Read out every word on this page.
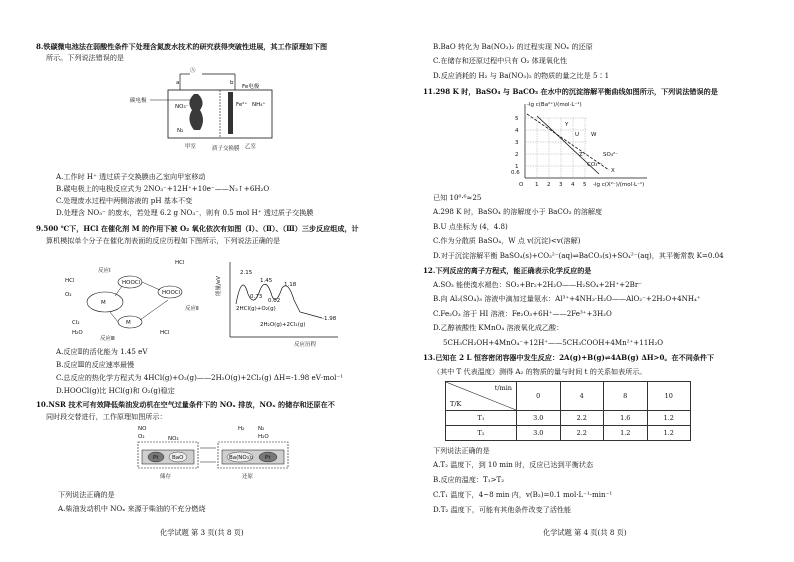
8.铁碳微电池法在弱酸性条件下处理含氮废水技术的研究获得突破性进展，其工作原理如下图
所示。下列说法错误的是
Ⓐ
a	b
碳电极
Fe电极
NO₃⁻
N₂
Fe²⁺ NH₄⁺
甲室	乙室
质子交换膜
A.工作时 H⁺ 透过质子交换膜由乙室向甲室移动
B.碳电极上的电极反应式为 2NO₃⁻+12H⁺+10e⁻——N₂↑+6H₂O
C.处理废水过程中两侧溶液的 pH 基本不变
D.处理含 NO₃⁻ 的废水，若处理 6.2 g NO₃⁻，则有 0.5 mol H⁺ 透过质子交换膜
9.500 ℃下，HCl 在催化剂 M 的作用下被 O₂ 氧化依次有如图（Ⅰ）、（Ⅱ）、（Ⅲ）三步反应组成，计
算机模拟单个分子在催化剂表面的反应历程如下图所示，下列说法正确的是
M
HOOCl
HOOCl
M
HCl
O₂
Cl₂
H₂O	HCl
HCl
反应Ⅰ
反应Ⅱ
反应Ⅲ
能量/eV
2.15
1.45
1.18
0.73
0.02
2HCl(g)+O₂(g)
2H₂O(g)+2Cl₂(g)
-1.98
反应历程
A.反应Ⅱ的活化能为 1.45 eV
B.反应Ⅲ的反应速率最慢
C.总反应的热化学方程式为 4HCl(g)+O₂(g)——2H₂O(g)+2Cl₂(g) ΔH=-1.98 eV·mol⁻¹
D.HOOCl(g)比 HCl(g)和 O₂(g)稳定
10.NSR 技术可有效降低柴油发动机在空气过量条件下的 NOₓ 排放，NOₓ 的储存和还原在不
同时段交替进行，工作原理如图所示：
Pt BaO	Ba(NO₃)₂ Pt
NO
O₂	NO₂
H₂ N₂
H₂O
储存	还原
下列说法正确的是
A.柴油发动机中 NOₓ 来源于柴油的不充分燃烧
化学试题 第 3 页(共 8 页)
B.BaO 转化为 Ba(NO₃)₂ 的过程实现 NOₓ 的还原
C.在储存和还原过程中只有 O₂ 体现氧化性
D.反应消耗的 H₂ 与 Ba(NO₃)₂ 的物质的量之比是 5∶1
11.298 K 时，BaSO₄ 与 BaCO₃ 在水中的沉淀溶解平衡曲线如图所示，下列说法错误的是
-lg c(Ba²⁺)/(mol·L⁻¹)
-lg c(X²⁻)/(mol·L⁻¹)
O
5
4
3
2
1
0.6
1 2 3 4 5
Y
U W
Z	SO₄²⁻
CO₃²⁻
X
已知 10⁰·⁶≈25
A.298 K 时，BaSO₄ 的溶解度小于 BaCO₃ 的溶解度
B.U 点坐标为 (4，4.8)
C.作为分散质 BaSO₄，W 点 v(沉淀)<v(溶解)
D.对于沉淀溶解平衡 BaSO₄(s)+CO₃²⁻(aq)⇌BaCO₃(s)+SO₄²⁻(aq)，其平衡常数 K=0.04
12.下列反应的离子方程式，能正确表示化学反应的是
A.SO₂ 能使溴水褪色：SO₂+Br₂+2H₂O——H₂SO₄+2H⁺+2Br⁻
B.向 Al₂(SO₄)₃ 溶液中滴加过量氨水：Al³⁺+4NH₃·H₂O——AlO₂⁻+2H₂O+4NH₄⁺
C.Fe₂O₃ 溶于 HI 溶液：Fe₂O₃+6H⁺——2Fe³⁺+3H₂O
D.乙醇被酸性 KMnO₄ 溶液氧化成乙酸：
5CH₃CH₂OH+4MnO₄⁻+12H⁺——5CH₃COOH+4Mn²⁺+11H₂O
13.已知在 2 L 恒容密闭容器中发生反应：2A(g)+B(g)⇌4AB(g) ΔH>0。在不同条件下
（其中 T 代表温度）测得 A₂ 的物质的量与时间 t 的关系如表所示。
t/min
T/K	0	4	8	10
T₁	3.0	2.2	1.6	1.2
T₂	3.0	2.2	1.2	1.2
下列说法正确的是
A.T₂ 温度下，到 10 min 时，反应已达到平衡状态
B.反应的温度：T₁>T₂
C.T₁ 温度下，4~8 min 内，v(B₂)=0.1 mol·L⁻¹·min⁻¹
D.T₂ 温度下，可能有其他条件改变了活性能
化学试题 第 4 页(共 8 页)
